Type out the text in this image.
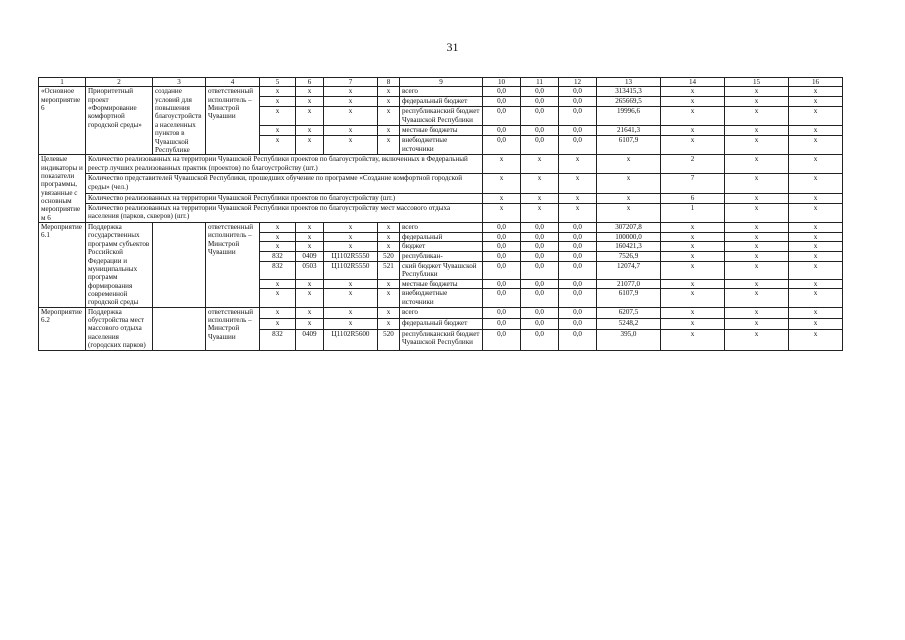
31
1	2	3	4	5	6	7	8	9	10	11	12	13	14	15	16	
«Основное мероприятие 6	Приоритетный проект «Формирование комфортной городской среды»	создание условий для повышения благоустройства населенных пунктов в Чувашской Республике	ответственный исполнитель – Минстрой Чувашии	x	x	x	x	всего	0,0	0,0	0,0	313415,3	x	x	x	
				x	x	x	x	федеральный бюджет	0,0	0,0	0,0	265669,5	x	x	x	
				x	x	x	x	республиканский бюджет Чувашской Республики	0,0	0,0	0,0	19996,6	x	x	x	
				x	x	x	x	местные бюджеты	0,0	0,0	0,0	21641,3	x	x	x	
				x	x	x	x	внебюджетные источники	0,0	0,0	0,0	6107,9	x	x	x	
Целевые индикаторы и показатели программы, увязанные с основным мероприятием 6	Количество реализованных на территории Чувашской Республики проектов по благоустройству, включенных в Федеральный реестр лучших реализованных практик (проектов) по благоустройству (шт.)								x	x	x	x	2	x	x	
	Количество представителей Чувашской Республики, прошедших обучение по программе «Создание комфортной городской среды» (чел.)								x	x	x	x	7	x	x	
	Количество реализованных на территории Чувашской Республики проектов по благоустройству (шт.)								x	x	x	x	6	x	x	
	Количество реализованных на территории Чувашской Республики проектов по благоустройству мест массового отдыха населения (парков, скверов) (шт.)								x	x	x	x	1	x	x	
Мероприятие 6.1	Поддержка государственных программ субъектов Российской Федерации и муниципальных программ формирования современной городской среды		ответственный исполнитель – Минстрой Чувашии	x	x	x	x	всего	0,0	0,0	0,0	307207,8	x	x	x	
				x	x	x	x	федеральный	0,0	0,0	0,0	100000,0	x	x	x	
				x	x	x	x	бюджет	0,0	0,0	0,0	160421,3	x	x	x	
				832	0409	Ц1102R5550	520	республикан-	0,0	0,0	0,0	7526,9	x	x	x	
				832	0503	Ц1102R5550	521	ский бюджет Чувашской Республики	0,0	0,0	0,0	12074,7	x	x	x	
				x	x	x	x	местные бюджеты	0,0	0,0	0,0	21077,0	x	x	x	
				x	x	x	x	внебюджетные источники	0,0	0,0	0,0	6107,9	x	x	x	
Мероприятие 6.2	Поддержка обустройства мест массового отдыха населения (городских парков)		ответственный исполнитель – Минстрой Чувашии	x	x	x	x	всего	0,0	0,0	0,0	6207,5	x	x	x	
				x	x	x	x	федеральный бюджет	0,0	0,0	0,0	5248,2	x	x	x	
				832	0409	Ц1102R5600	520	республиканский бюджет Чувашской Республики	0,0	0,0	0,0	395,0	x	x	x	
